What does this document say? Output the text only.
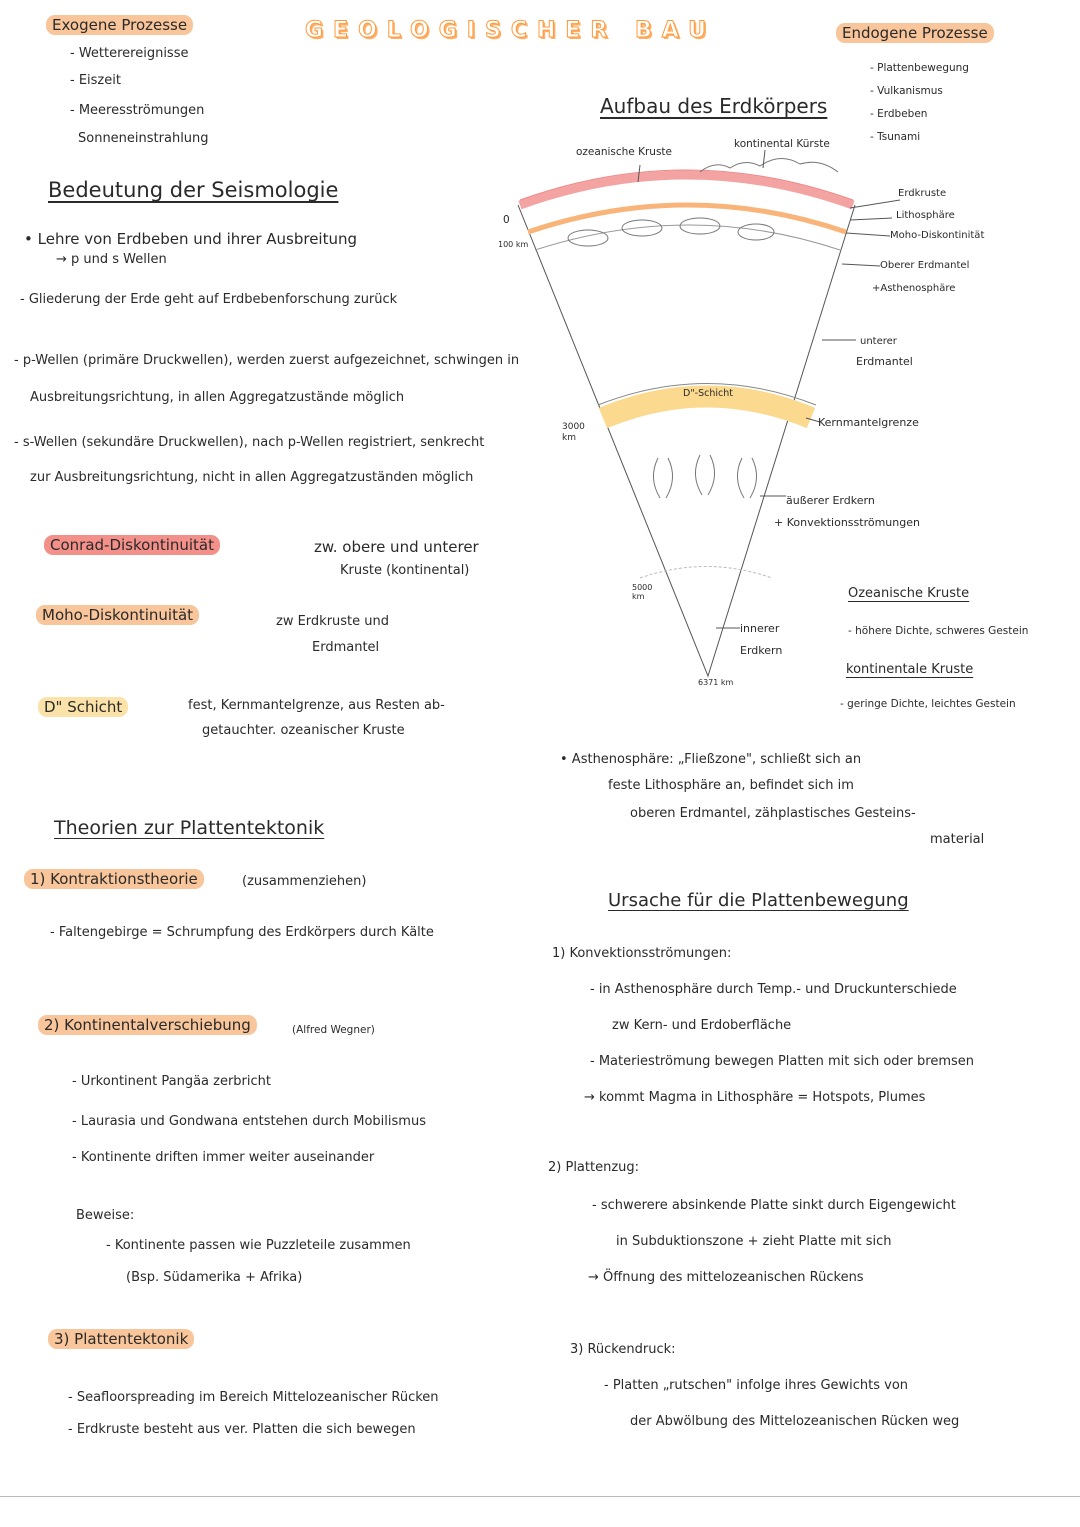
GEOLOGISCHER BAU
Exogene Prozesse
- Wetterereignisse
- Eiszeit
- Meeresströmungen
Sonneneinstrahlung
Endogene Prozesse
- Plattenbewegung
- Vulkanismus
- Erdbeben
- Tsunami
Bedeutung der Seismologie
• Lehre von Erdbeben und ihrer Ausbreitung
→ p und s Wellen
- Gliederung der Erde geht auf Erdbebenforschung zurück
- p-Wellen (primäre Druckwellen), werden zuerst aufgezeichnet, schwingen in
Ausbreitungsrichtung, in allen Aggregatzustände möglich
- s-Wellen (sekundäre Druckwellen), nach p-Wellen registriert, senkrecht
zur Ausbreitungsrichtung, nicht in allen Aggregatzuständen möglich
Conrad-Diskontinuität	zw. obere und unterer
Kruste (kontinental)
Moho-Diskontinuität	zw Erdkruste und
Erdmantel
D" Schicht	fest, Kernmantelgrenze, aus Resten ab-
getauchter. ozeanischer Kruste
Aufbau des Erdkörpers
ozeanische Kruste
kontinental Kürste
0
100 km
3000 km
5000 km
6371 km
D"-Schicht
Erdkruste
Lithosphäre
Moho-Diskontinität
Oberer Erdmantel
+Asthenosphäre
unterer
Erdmantel
Kernmantelgrenze
äußerer Erdkern
+ Konvektionsströmungen
innerer
Erdkern
Ozeanische Kruste
- höhere Dichte, schweres Gestein
kontinentale Kruste
- geringe Dichte, leichtes Gestein
• Asthenosphäre: „Fließzone", schließt sich an
feste Lithosphäre an, befindet sich im
oberen Erdmantel, zähplastisches Gesteins-
material
Theorien zur Plattentektonik
1) Kontraktionstheorie	(zusammenziehen)
- Faltengebirge = Schrumpfung des Erdkörpers durch Kälte
2) Kontinentalverschiebung	(Alfred Wegner)
- Urkontinent Pangäa zerbricht
- Laurasia und Gondwana entstehen durch Mobilismus
- Kontinente driften immer weiter auseinander
Beweise:
- Kontinente passen wie Puzzleteile zusammen
(Bsp. Südamerika + Afrika)
3) Plattentektonik
- Seafloorspreading im Bereich Mittelozeanischer Rücken
- Erdkruste besteht aus ver. Platten die sich bewegen
Ursache für die Plattenbewegung
1) Konvektionsströmungen:
- in Asthenosphäre durch Temp.- und Druckunterschiede
zw Kern- und Erdoberfläche
- Materieströmung bewegen Platten mit sich oder bremsen
→ kommt Magma in Lithosphäre = Hotspots, Plumes
2) Plattenzug:
- schwerere absinkende Platte sinkt durch Eigengewicht
in Subduktionszone + zieht Platte mit sich
→ Öffnung des mittelozeanischen Rückens
3) Rückendruck:
- Platten „rutschen" infolge ihres Gewichts von
der Abwölbung des Mittelozeanischen Rücken weg
